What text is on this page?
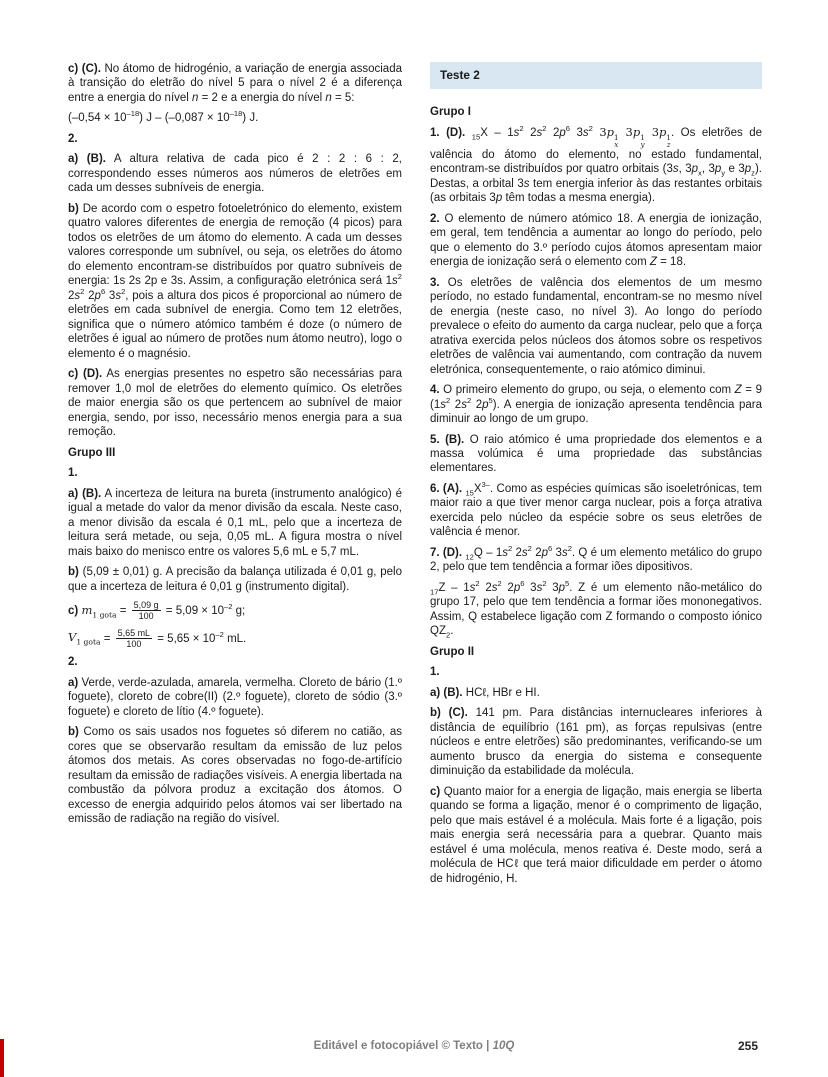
c) (C). No átomo de hidrogénio, a variação de energia associada à transição do eletrão do nível 5 para o nível 2 é a diferença entre a energia do nível n = 2 e a energia do nível n = 5:

$(-0,54 \times 10^{-18})$ $J - (-0,087 \times 10^{-18})$ J.

2.

a) (B). A altura relativa de cada pico é 2 : 2 : 6 : 2, correspondendo esses números aos números de eletrões em cada um desses subníveis de energia.

b) De acordo com o espetro fotoeletrónico do elemento, existem quatro valores diferentes de energia de remoção (4 picos) para todos os eletrões de um átomo do elemento. A cada um desses valores corresponde um subnível, ou seja, os eletrões do átomo do elemento encontram-se distribuídos por quatro subníveis de energia: 1s 2s 2p e 3s. Assim, a configuração eletrónica será $1s^2$ $2s^2$ $2p^6$ $3s^2$, pois a altura dos picos é proporcional ao número de eletrões em cada subnível de energia. Como tem 12 eletrões, significa que o número atómico também é doze (o número de eletrões é igual ao número de protões num átomo neutro), logo o elemento é o magnésio.

c) (D). As energias presentes no espetro são necessárias para remover 1,0 mol de eletrões do elemento químico. Os eletrões de maior energia são os que pertencem ao subnível de maior energia, sendo, por isso, necessário menos energia para a sua remoção.

Grupo III

1.

a) (B). A incerteza de leitura na bureta (instrumento analógico) é igual a metade do valor da menor divisão da escala. Neste caso, a menor divisão da escala é 0,1 mL, pelo que a incerteza de leitura será metade, ou seja, 0,05 mL. A figura mostra o nível mais baixo do menisco entre os valores 5,6 mL e 5,7 mL.

b) (5,09 ± 0,01) g. A precisão da balança utilizada é 0,01 g, pelo que a incerteza de leitura é 0,01 g (instrumento digital).

c) $m_{1 gota} = \frac{5,09 g}{100} = 5,09 \times 10^{-2}$ g;

$V_{1 gota} = \frac{5,65 mL}{100} = 5,65 \times 10^{-2}$ mL.

2.

a) Verde, verde-azulada, amarela, vermelha. Cloreto de bário (1.º foguete), cloreto de cobre(II) (2.º foguete), cloreto de sódio (3.º foguete) e cloreto de lítio (4.º foguete).

b) Como os sais usados nos foguetes só diferem no catião, as cores que se observarão resultam da emissão de luz pelos átomos dos metais. As cores observadas no fogo-de-artifício resultam da emissão de radiações visíveis. A energia libertada na combustão da pólvora produz a excitação dos átomos. O excesso de energia adquirido pelos átomos vai ser libertado na emissão de radiação na região do visível.

Teste 2

Grupo I

1. (D). $_{15}X - 1s^2$ $2s^2$ $2p^6$ $3s^2$ 3p 1
x
3p 1
y
3p 1
z
. Os eletrões de valência do átomo do elemento, no estado fundamental, encontram-se distribuídos por quatro orbitais (3s, $3p_x$, $3p_y$ e $3p_z$). Destas, a orbital 3s tem energia inferior às das restantes orbitais (as orbitais 3p têm todas a mesma energia).

2. O elemento de número atómico 18. A energia de ionização, em geral, tem tendência a aumentar ao longo do período, pelo que o elemento do 3.º período cujos átomos apresentam maior energia de ionização será o elemento com Z = 18.

3. Os eletrões de valência dos elementos de um mesmo período, no estado fundamental, encontram-se no mesmo nível de energia (neste caso, no nível 3). Ao longo do período prevalece o efeito do aumento da carga nuclear, pelo que a força atrativa exercida pelos núcleos dos átomos sobre os respetivos eletrões de valência vai aumentando, com contração da nuvem eletrónica, consequentemente, o raio atómico diminui.

4. O primeiro elemento do grupo, ou seja, o elemento com Z = 9 ($1s^2$ $2s^2$ $2p^5$). A energia de ionização apresenta tendência para diminuir ao longo de um grupo.

5. (B). O raio atómico é uma propriedade dos elementos e a massa volúmica é uma propriedade das substâncias elementares.

6. (A). $_{15}X^{3-}$. Como as espécies químicas são isoeletrónicas, tem maior raio a que tiver menor carga nuclear, pois a força atrativa exercida pelo núcleo da espécie sobre os seus eletrões de valência é menor.

7. (D). $_{12}Q - 1s^2$ $2s^2$ $2p^6$ $3s^2$. Q é um elemento metálico do grupo 2, pelo que tem tendência a formar iões dipositivos.

$_{17}Z - 1s^2$ $2s^2$ $2p^6$ $3s^2$ $3p^5$. Z é um elemento não-metálico do grupo 17, pelo que tem tendência a formar iões mononegativos. Assim, Q estabelece ligação com Z formando o composto iónico $QZ_2$.

Grupo II

1.

a) (B). HCℓ, HBr e HI.

b) (C). 141 pm. Para distâncias internucleares inferiores à distância de equilíbrio (161 pm), as forças repulsivas (entre núcleos e entre eletrões) são predominantes, verificando-se um aumento brusco da energia do sistema e consequente diminuição da estabilidade da molécula.

c) Quanto maior for a energia de ligação, mais energia se liberta quando se forma a ligação, menor é o comprimento de ligação, pelo que mais estável é a molécula. Mais forte é a ligação, pois mais energia será necessária para a quebrar. Quanto mais estável é uma molécula, menos reativa é. Deste modo, será a molécula de HCℓ que terá maior dificuldade em perder o átomo de hidrogénio, H.

Editável e fotocopiável © Texto | 10Q	255
